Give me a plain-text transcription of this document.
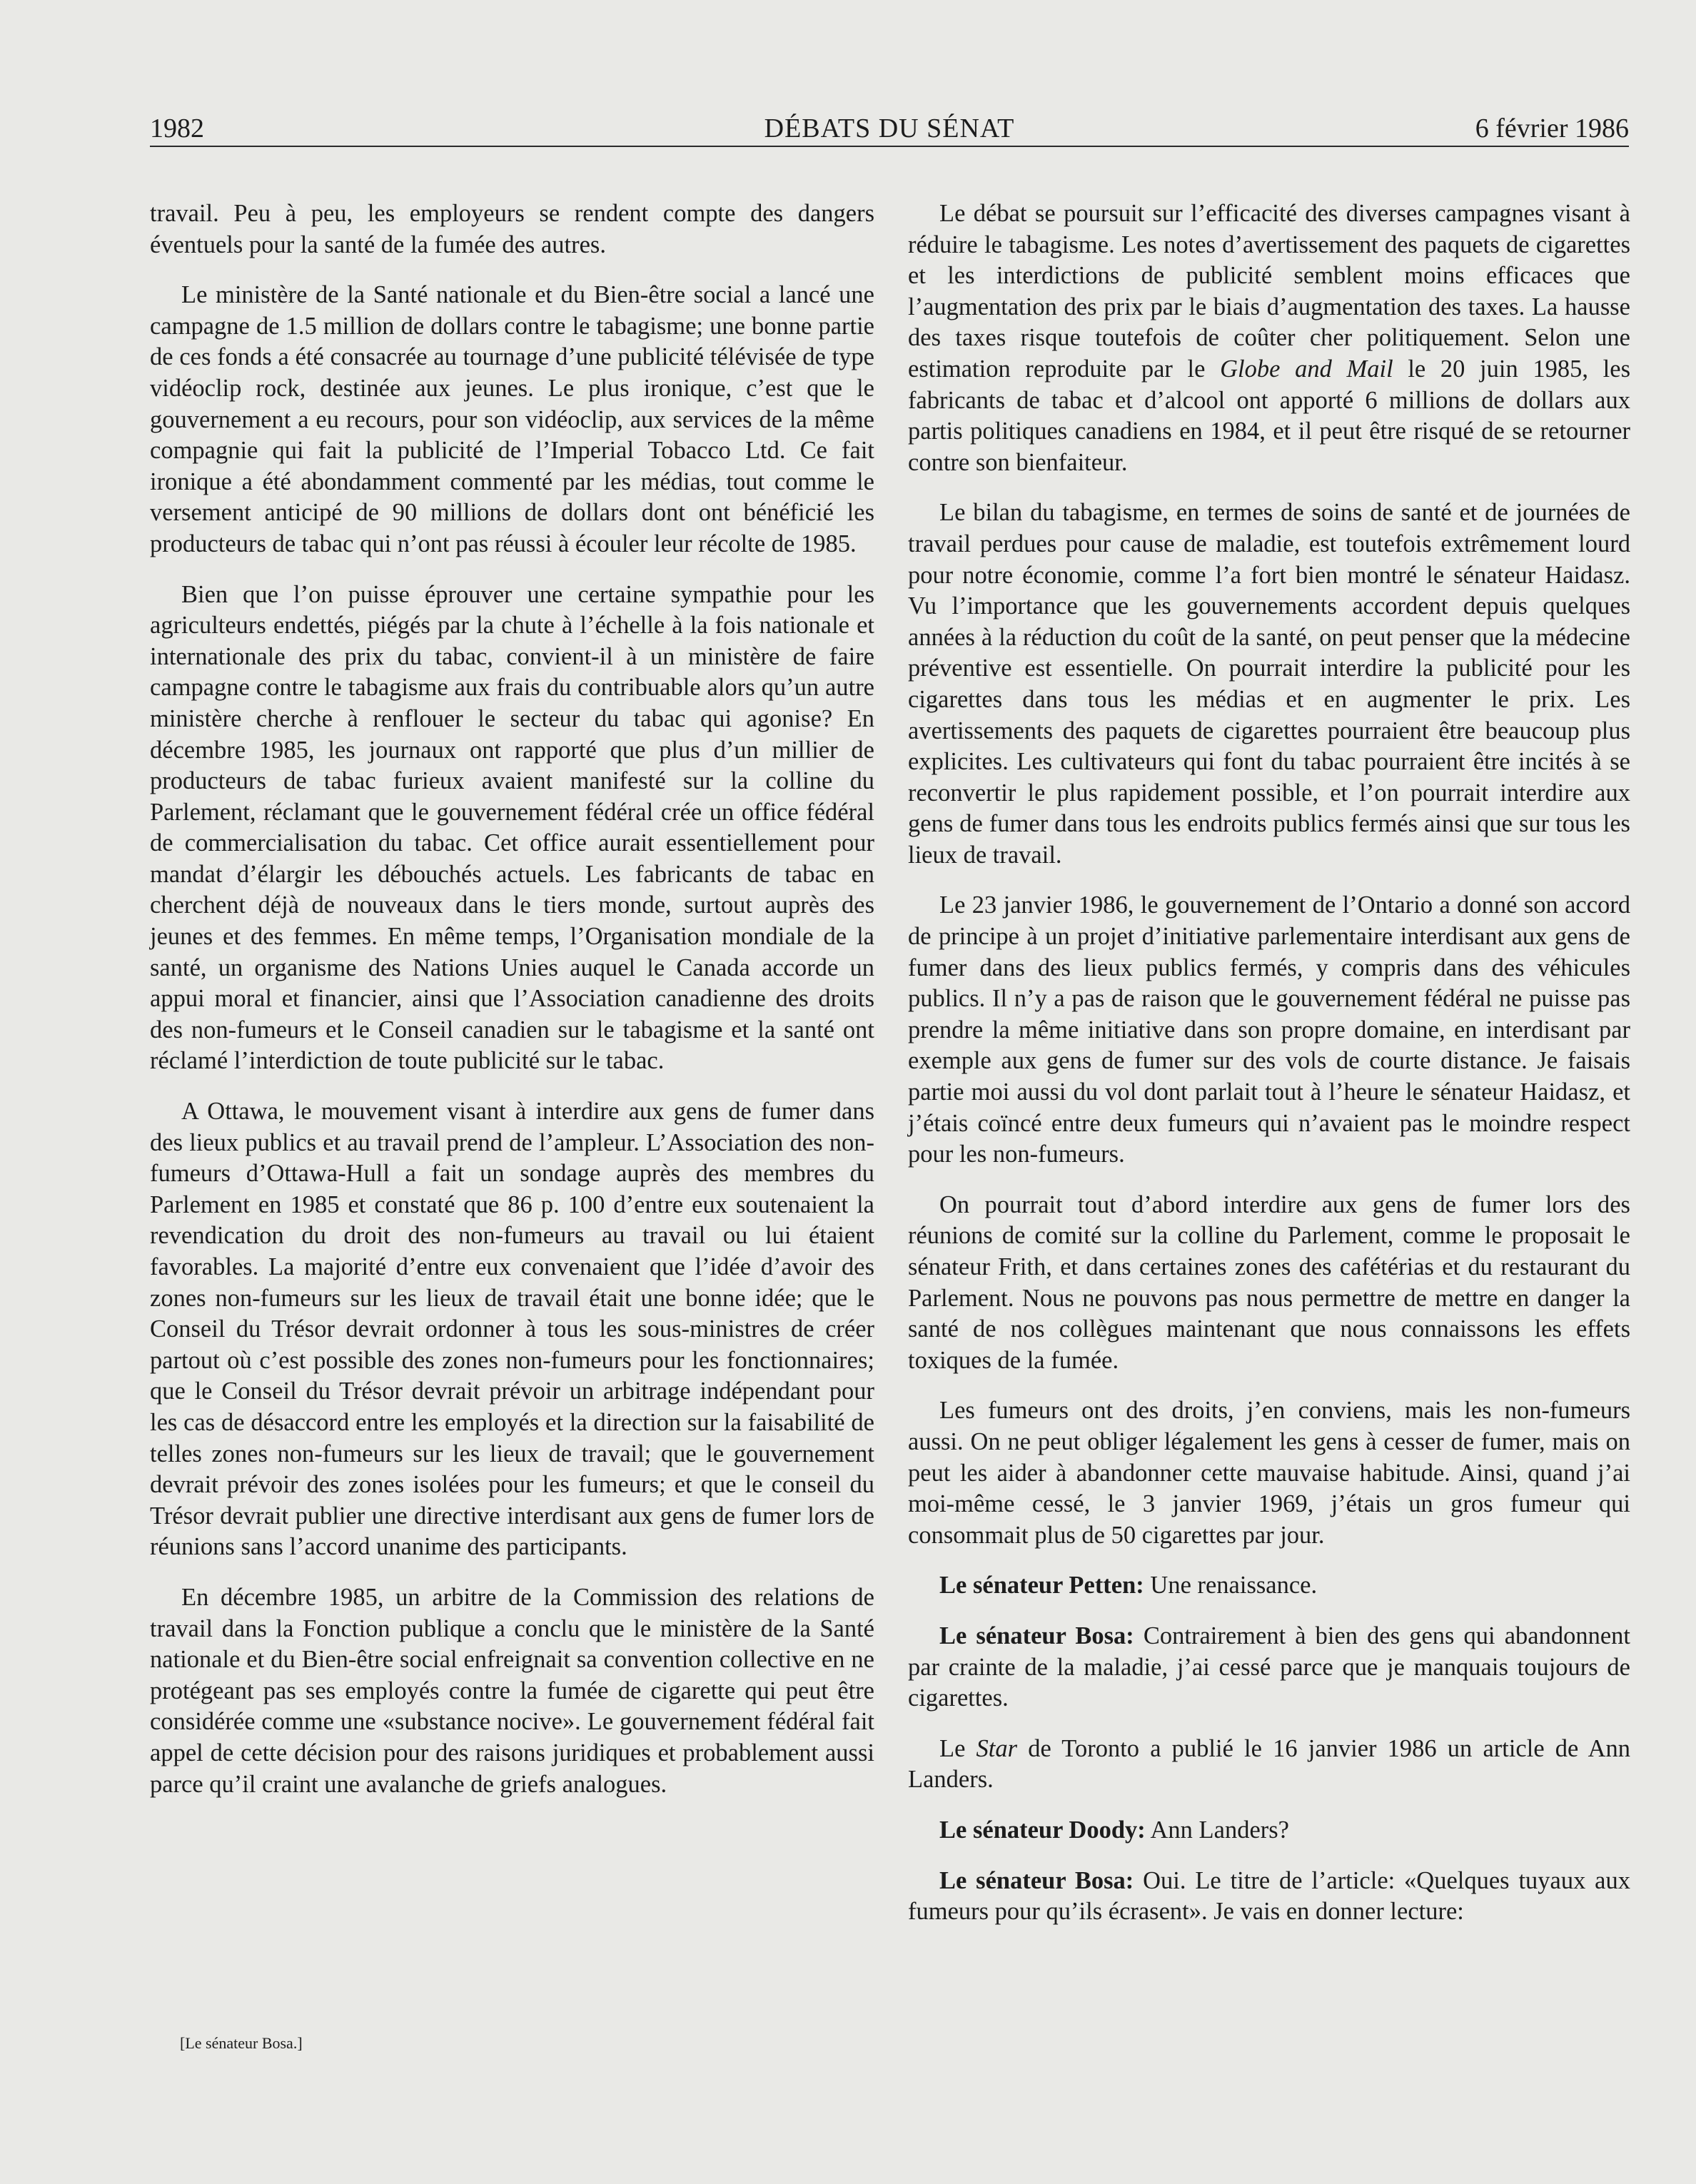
1982	DÉBATS DU SÉNAT	6 février 1986

travail. Peu à peu, les employeurs se rendent compte des dangers éventuels pour la santé de la fumée des autres.

Le ministère de la Santé nationale et du Bien-être social a lancé une campagne de 1.5 million de dollars contre le tabagisme; une bonne partie de ces fonds a été consacrée au tournage d’une publicité télévisée de type vidéoclip rock, destinée aux jeunes. Le plus ironique, c’est que le gouvernement a eu recours, pour son vidéoclip, aux services de la même compagnie qui fait la publicité de l’Imperial Tobacco Ltd. Ce fait ironique a été abondamment commenté par les médias, tout comme le versement anticipé de 90 millions de dollars dont ont bénéficié les producteurs de tabac qui n’ont pas réussi à écouler leur récolte de 1985.

Bien que l’on puisse éprouver une certaine sympathie pour les agriculteurs endettés, piégés par la chute à l’échelle à la fois nationale et internationale des prix du tabac, convient-il à un ministère de faire campagne contre le tabagisme aux frais du contribuable alors qu’un autre ministère cherche à renflouer le secteur du tabac qui agonise? En décembre 1985, les journaux ont rapporté que plus d’un millier de producteurs de tabac furieux avaient manifesté sur la colline du Parlement, réclamant que le gouvernement fédéral crée un office fédéral de commercialisation du tabac. Cet office aurait essentiellement pour mandat d’élargir les débouchés actuels. Les fabricants de tabac en cherchent déjà de nouveaux dans le tiers monde, surtout auprès des jeunes et des femmes. En même temps, l’Organisation mondiale de la santé, un organisme des Nations Unies auquel le Canada accorde un appui moral et financier, ainsi que l’Association canadienne des droits des non-fumeurs et le Conseil canadien sur le tabagisme et la santé ont réclamé l’interdiction de toute publicité sur le tabac.

A Ottawa, le mouvement visant à interdire aux gens de fumer dans des lieux publics et au travail prend de l’ampleur. L’Association des non-fumeurs d’Ottawa-Hull a fait un sondage auprès des membres du Parlement en 1985 et constaté que 86 p. 100 d’entre eux soutenaient la revendication du droit des non-fumeurs au travail ou lui étaient favorables. La majorité d’entre eux convenaient que l’idée d’avoir des zones non-fumeurs sur les lieux de travail était une bonne idée; que le Conseil du Trésor devrait ordonner à tous les sous-ministres de créer partout où c’est possible des zones non-fumeurs pour les fonctionnaires; que le Conseil du Trésor devrait prévoir un arbitrage indépendant pour les cas de désaccord entre les employés et la direction sur la faisabilité de telles zones non-fumeurs sur les lieux de travail; que le gouvernement devrait prévoir des zones isolées pour les fumeurs; et que le conseil du Trésor devrait publier une directive interdisant aux gens de fumer lors de réunions sans l’accord unanime des participants.

En décembre 1985, un arbitre de la Commission des relations de travail dans la Fonction publique a conclu que le ministère de la Santé nationale et du Bien-être social enfreignait sa convention collective en ne protégeant pas ses employés contre la fumée de cigarette qui peut être considérée comme une «substance nocive». Le gouvernement fédéral fait appel de cette décision pour des raisons juridiques et probablement aussi parce qu’il craint une avalanche de griefs analogues.

[Le sénateur Bosa.]

Le débat se poursuit sur l’efficacité des diverses campagnes visant à réduire le tabagisme. Les notes d’avertissement des paquets de cigarettes et les interdictions de publicité semblent moins efficaces que l’augmentation des prix par le biais d’augmentation des taxes. La hausse des taxes risque toutefois de coûter cher politiquement. Selon une estimation reproduite par le Globe and Mail le 20 juin 1985, les fabricants de tabac et d’alcool ont apporté 6 millions de dollars aux partis politiques canadiens en 1984, et il peut être risqué de se retourner contre son bienfaiteur.

Le bilan du tabagisme, en termes de soins de santé et de journées de travail perdues pour cause de maladie, est toutefois extrêmement lourd pour notre économie, comme l’a fort bien montré le sénateur Haidasz. Vu l’importance que les gouvernements accordent depuis quelques années à la réduction du coût de la santé, on peut penser que la médecine préventive est essentielle. On pourrait interdire la publicité pour les cigarettes dans tous les médias et en augmenter le prix. Les avertissements des paquets de cigarettes pourraient être beaucoup plus explicites. Les cultivateurs qui font du tabac pourraient être incités à se reconvertir le plus rapidement possible, et l’on pourrait interdire aux gens de fumer dans tous les endroits publics fermés ainsi que sur tous les lieux de travail.

Le 23 janvier 1986, le gouvernement de l’Ontario a donné son accord de principe à un projet d’initiative parlementaire interdisant aux gens de fumer dans des lieux publics fermés, y compris dans des véhicules publics. Il n’y a pas de raison que le gouvernement fédéral ne puisse pas prendre la même initiative dans son propre domaine, en interdisant par exemple aux gens de fumer sur des vols de courte distance. Je faisais partie moi aussi du vol dont parlait tout à l’heure le sénateur Haidasz, et j’étais coïncé entre deux fumeurs qui n’avaient pas le moindre respect pour les non-fumeurs.

On pourrait tout d’abord interdire aux gens de fumer lors des réunions de comité sur la colline du Parlement, comme le proposait le sénateur Frith, et dans certaines zones des cafétérias et du restaurant du Parlement. Nous ne pouvons pas nous permettre de mettre en danger la santé de nos collègues maintenant que nous connaissons les effets toxiques de la fumée.

Les fumeurs ont des droits, j’en conviens, mais les non-fumeurs aussi. On ne peut obliger légalement les gens à cesser de fumer, mais on peut les aider à abandonner cette mauvaise habitude. Ainsi, quand j’ai moi-même cessé, le 3 janvier 1969, j’étais un gros fumeur qui consommait plus de 50 cigarettes par jour.

Le sénateur Petten: Une renaissance.

Le sénateur Bosa: Contrairement à bien des gens qui abandonnent par crainte de la maladie, j’ai cessé parce que je manquais toujours de cigarettes.

Le Star de Toronto a publié le 16 janvier 1986 un article de Ann Landers.

Le sénateur Doody: Ann Landers?

Le sénateur Bosa: Oui. Le titre de l’article: «Quelques tuyaux aux fumeurs pour qu’ils écrasent». Je vais en donner lecture:
